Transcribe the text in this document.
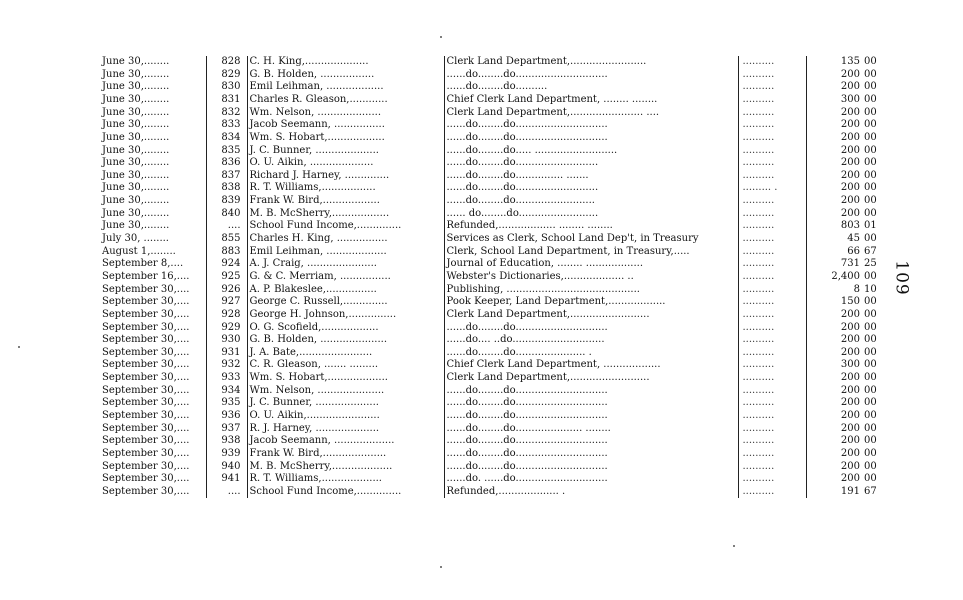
June 30,........	828	C. H. King,....................	Clerk Land Department,........................	..........	135	00
June 30,........	829	G. B. Holden, .................	......do........do.............................	..........	200	00
June 30,........	830	Emil Leihman, ..................	......do........do..........	..........	200	00
June 30,........	831	Charles R. Gleason,............	Chief Clerk Land Department, ........ ........	..........	300	00
June 30,........	832	Wm. Nelson, ....................	Clerk Land Department,....................... ....	..........	200	00
June 30,........	833	Jacob Seemann, ................	......do........do.............................	..........	200	00
June 30,........	834	Wm. S. Hobart,..................	......do........do.............................	..........	200	00
June 30,........	835	J. C. Bunner, ....................	......do........do..... ..........................	..........	200	00
June 30,........	836	O. U. Aikin, ....................	......do........do..........................	..........	200	00
June 30,........	837	Richard J. Harney, ..............	......do........do............... .......	..........	200	00
June 30,........	838	R. T. Williams,.................	......do........do..........................	......... .	200	00
June 30,........	839	Frank W. Bird,..................	......do........do.........................	..........	200	00
June 30,........	840	M. B. McSherry,..................	...... do........do.........................	..........	200	00
June 30,........	....	School Fund Income,..............	Refunded,.................. ........ ........	..........	803	01
July 30, ........	855	Charles H. King, ................	Services as Clerk, School Land Dep't, in Treasury	..........	45	00
August 1,........	883	Emil Leihman, ...................	Clerk, School Land Department, in Treasury,.....	..........	66	67
September 8,....	924	A. J. Craig, ......................	Journal of Education, ........ ..................	..........	731	25
September 16,....	925	G. & C. Merriam, ................	Webster's Dictionaries,................... ..	..........	2,400	00
September 30,....	926	A. P. Blakeslee,................	Publishing, ..........................................	..........	8	10
September 30,....	927	George C. Russell,..............	Pook Keeper, Land Department,..................	..........	150	00
September 30,....	928	George H. Johnson,...............	Clerk Land Department,.........................	..........	200	00
September 30,....	929	O. G. Scofield,..................	......do........do.............................	..........	200	00
September 30,....	930	G. B. Holden, .....................	......do.... ..do.............................	..........	200	00
September 30,....	931	J. A. Bate,.......................	......do........do...................... .	..........	200	00
September 30,....	932	C. R. Gleason, ....... .........	Chief Clerk Land Department, ..................	..........	300	00
September 30,....	933	Wm. S. Hobart,...................	Clerk Land Department,.........................	..........	200	00
September 30,....	934	Wm. Nelson, .....................	......do........do.............................	..........	200	00
September 30,....	935	J. C. Bunner, ....................	......do........do.............................	..........	200	00
September 30,....	936	O. U. Aikin,.......................	......do........do.............................	..........	200	00
September 30,....	937	R. J. Harney, ....................	......do........do..................... ........	..........	200	00
September 30,....	938	Jacob Seemann, ...................	......do........do.............................	..........	200	00
September 30,....	939	Frank W. Bird,....................	......do........do.............................	..........	200	00
September 30,....	940	M. B. McSherry,...................	......do........do.............................	..........	200	00
September 30,....	941	R. T. Williams,...................	......do. ......do.............................	..........	200	00
September 30,....	....	School Fund Income,..............	Refunded,................... .	..........	191	67
109
